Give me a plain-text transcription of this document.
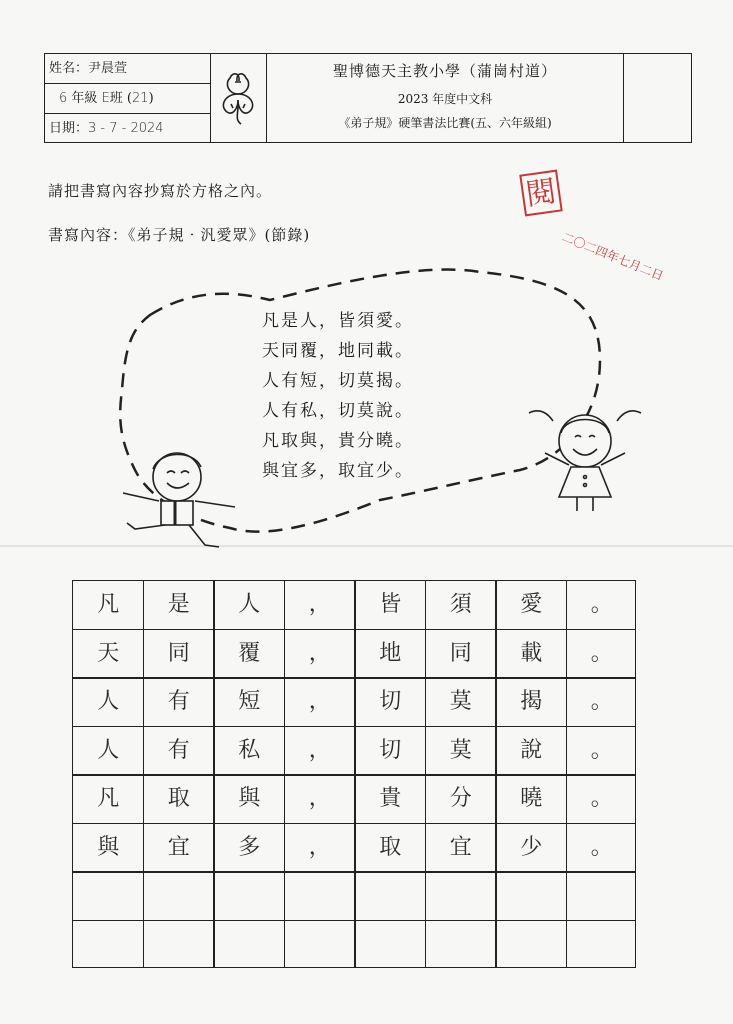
姓名：尹晨萱
6 年級 E班 (21)
日期：3 - 7 - 2024
聖博德天主教小學（蒲崗村道）
2023 年度中文科
《弟子規》硬筆書法比賽(五、六年級組)
請把書寫內容抄寫於方格之內。
書寫內容：《弟子規‧汎愛眾》(節錄)
閱
二〇二四年七月二日
凡是人，皆須愛。
天同覆，地同載。
人有短，切莫揭。
人有私，切莫說。
凡取與，貴分曉。
與宜多，取宜少。
凡	是	人	，	皆	須	愛	。
天	同	覆	，	地	同	載	。
人	有	短	，	切	莫	揭	。
人	有	私	，	切	莫	說	。
凡	取	與	，	貴	分	曉	。
與	宜	多	，	取	宜	少	。
